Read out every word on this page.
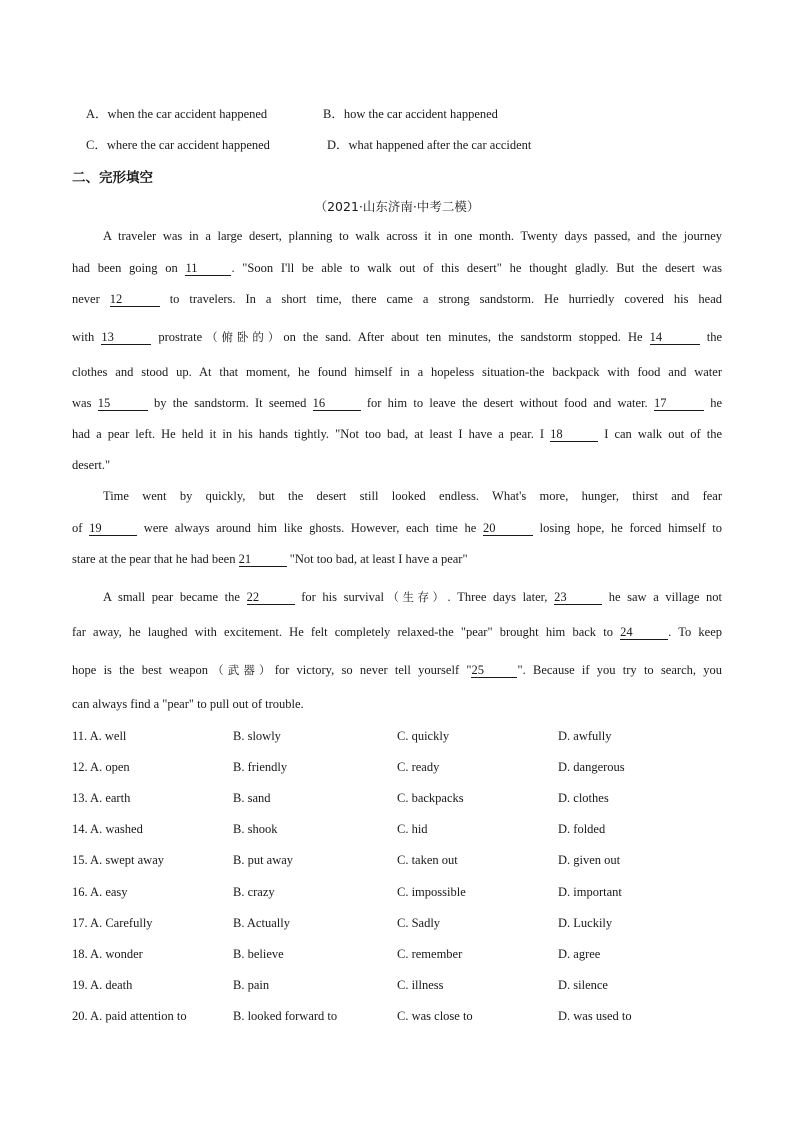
A．when the car accident happened	B．how the car accident happened
C．where the car accident happened	D．what happened after the car accident
二、完形填空
（2021·山东济南·中考二模）
A traveler was in a large desert, planning to walk across it in one month. Twenty days passed, and the journey
had been going on 11	. "Soon I'll be able to walk out of this desert" he thought gladly. But the desert was
never 12	to travelers. In a short time, there came a strong sandstorm. He hurriedly covered his head
with 13	prostrate（俯卧的）on the sand. After about ten minutes, the sandstorm stopped. He 14	the
clothes and stood up. At that moment, he found himself in a hopeless situation-the backpack with food and water
was 15	by the sandstorm. It seemed 16	for him to leave the desert without food and water. 17	he
had a pear left. He held it in his hands tightly. "Not too bad, at least I have a pear. I 18	I can walk out of the
desert."
Time went by quickly, but the desert still looked endless. What's more, hunger, thirst and fear
of 19	were always around him like ghosts. However, each time he 20	losing hope, he forced himself to
stare at the pear that he had been 21	"Not too bad, at least I have a pear"
A small pear became the 22	for his survival（生存）. Three days later, 23	he saw a village not
far away, he laughed with excitement. He felt completely relaxed-the "pear" brought him back to 24	. To keep
hope is the best weapon（武器）for victory, so never tell yourself "25	". Because if you try to search, you
can always find a "pear" to pull out of trouble.
11. A. well	B. slowly	C. quickly	D. awfully
12. A. open	B. friendly	C. ready	D. dangerous
13. A. earth	B. sand	C. backpacks	D. clothes
14. A. washed	B. shook	C. hid	D. folded
15. A. swept away	B. put away	C. taken out	D. given out
16. A. easy	B. crazy	C. impossible	D. important
17. A. Carefully	B. Actually	C. Sadly	D. Luckily
18. A. wonder	B. believe	C. remember	D. agree
19. A. death	B. pain	C. illness	D. silence
20. A. paid attention to	B. looked forward to	C. was close to	D. was used to
